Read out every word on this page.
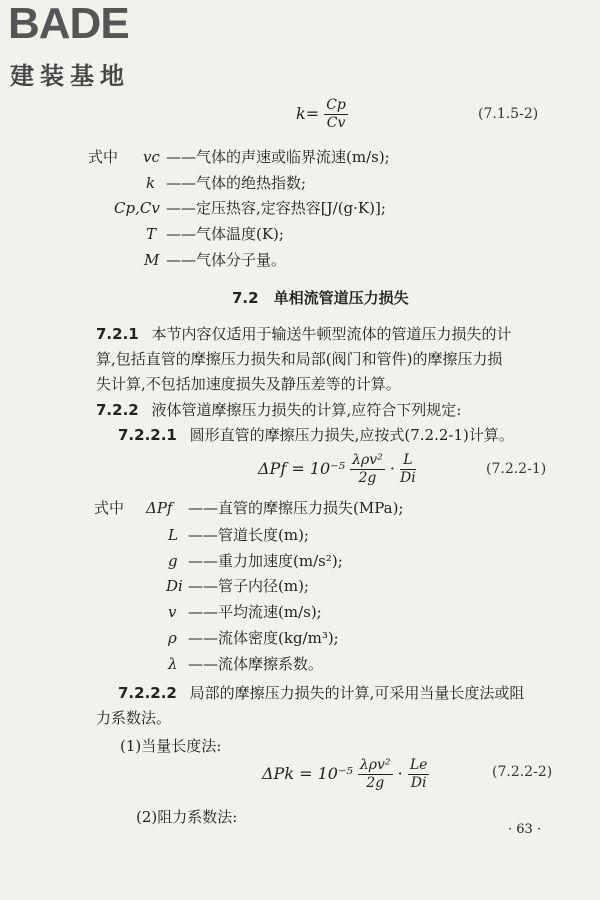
BADE
建装基地
$k= \frac{Cp}{Cv}$	(7.1.5-2)
式中 vc ——气体的声速或临界流速(m/s);
k ——气体的绝热指数;
Cp,Cv ——定压热容,定容热容[J/(g·K)];
T ——气体温度(K);
M ——气体分子量。
7.2　单相流管道压力损失
7.2.1 本节内容仅适用于输送牛顿型流体的管道压力损失的计
算,包括直管的摩擦压力损失和局部(阀门和管件)的摩擦压力损
失计算,不包括加速度损失及静压差等的计算。
7.2.2 液体管道摩擦压力损失的计算,应符合下列规定:
7.2.2.1 圆形直管的摩擦压力损失,应按式(7.2.2-1)计算。
$\Delta Pf = 10^{-5} \frac{\text{λρv²}}{2g} \cdot \frac{L}{Di}$	(7.2.2-1)
式中 ΔPf ——直管的摩擦压力损失(MPa);
L ——管道长度(m);
g ——重力加速度(m/s²);
Di ——管子内径(m);
v ——平均流速(m/s);
ρ ——流体密度(kg/m³);
λ ——流体摩擦系数。
7.2.2.2 局部的摩擦压力损失的计算,可采用当量长度法或阻
力系数法。
(1)当量长度法:
$\Delta Pk = 10^{-5} \frac{\text{λρv²}}{2g} \cdot \frac{Le}{Di}$	(7.2.2-2)
(2)阻力系数法:
· 63 ·
